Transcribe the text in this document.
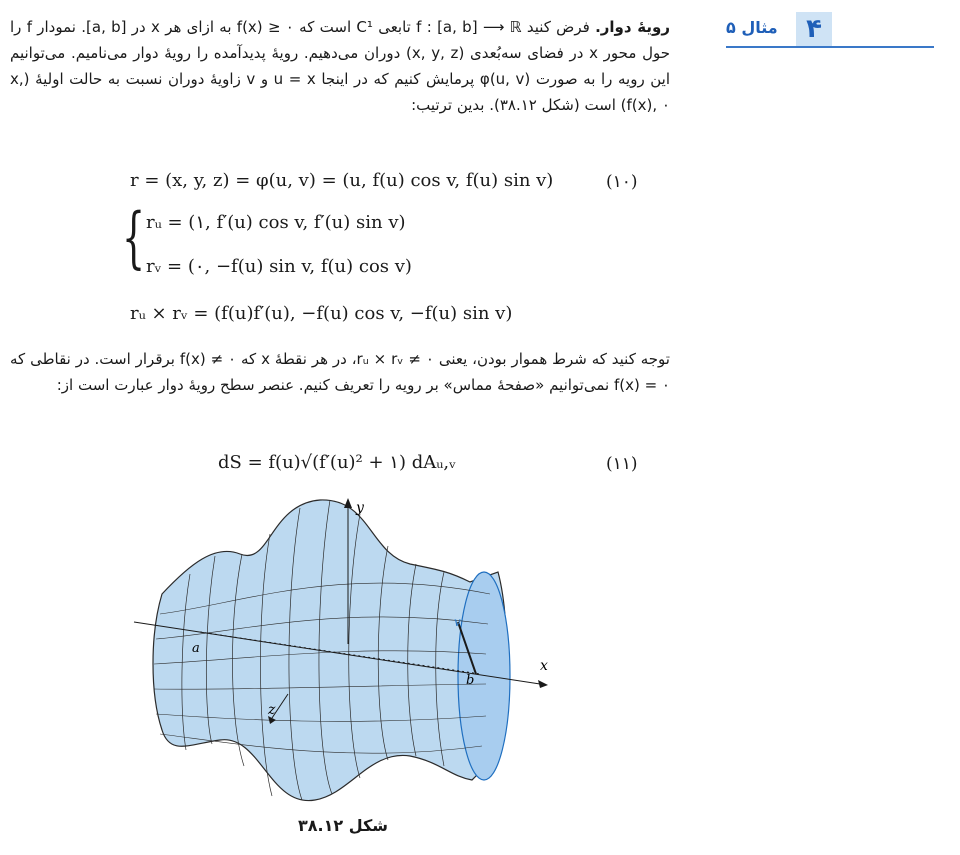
مثال ۵	۴
رویهٔ دوار. فرض کنید f : [a, b] ⟶ ℝ تابعی C¹ است که f(x) ≥ ۰ به ازای هر x در [a, b]. نمودار f را حول محور x در فضای سه‌بُعدی (x, y, z) دوران می‌دهیم. رویهٔ پدیدآمده را رویهٔ دوار می‌نامیم. می‌توانیم این رویه را به صورت φ(u, v) پرمایش کنیم که در اینجا u = x و v زاویهٔ دوران نسبت به حالت اولیهٔ (x, f(x), ۰) است (شکل ۳۸.۱۲). بدین ترتیب:
r = (x, y, z) = φ(u, v) = (u, f(u) cos v, f(u) sin v)	(۱۰)
{ rᵤ = (۱, f′(u) cos v, f′(u) sin v)
rᵥ = (۰, −f(u) sin v, f(u) cos v)
rᵤ × rᵥ = (f(u)f′(u), −f(u) cos v, −f(u) sin v)
توجه کنید که شرط هموار بودن، یعنی rᵤ × rᵥ ≠ ۰، در هر نقطهٔ x که f(x) ≠ ۰ برقرار است. در نقاطی که f(x) = ۰ نمی‌توانیم «صفحهٔ مماس» بر رویه را تعریف کنیم. عنصر سطح رویهٔ دوار عبارت است از:
dS = f(u)√(f′(u)² + ۱) dAᵤ,ᵥ	(۱۱)
y
x
z
a
b
v
شکل ۳۸.۱۲
